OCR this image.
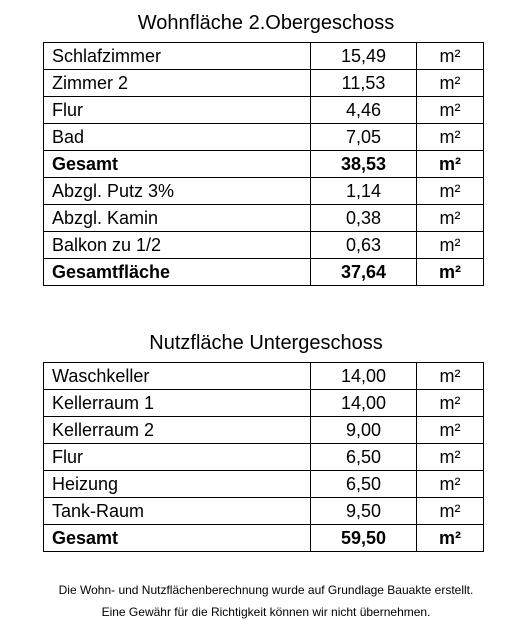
Wohnfläche 2.Obergeschoss
Schlafzimmer	15,49	m²
Zimmer 2	11,53	m²
Flur	4,46	m²
Bad	7,05	m²
Gesamt	38,53	m²
Abzgl. Putz 3%	1,14	m²
Abzgl. Kamin	0,38	m²
Balkon zu 1/2	0,63	m²
Gesamtfläche	37,64	m²
Nutzfläche Untergeschoss
Waschkeller	14,00	m²
Kellerraum 1	14,00	m²
Kellerraum 2	9,00	m²
Flur	6,50	m²
Heizung	6,50	m²
Tank-Raum	9,50	m²
Gesamt	59,50	m²
Die Wohn- und Nutzflächenberechnung wurde auf Grundlage Bauakte erstellt.
Eine Gewähr für die Richtigkeit können wir nicht übernehmen.
